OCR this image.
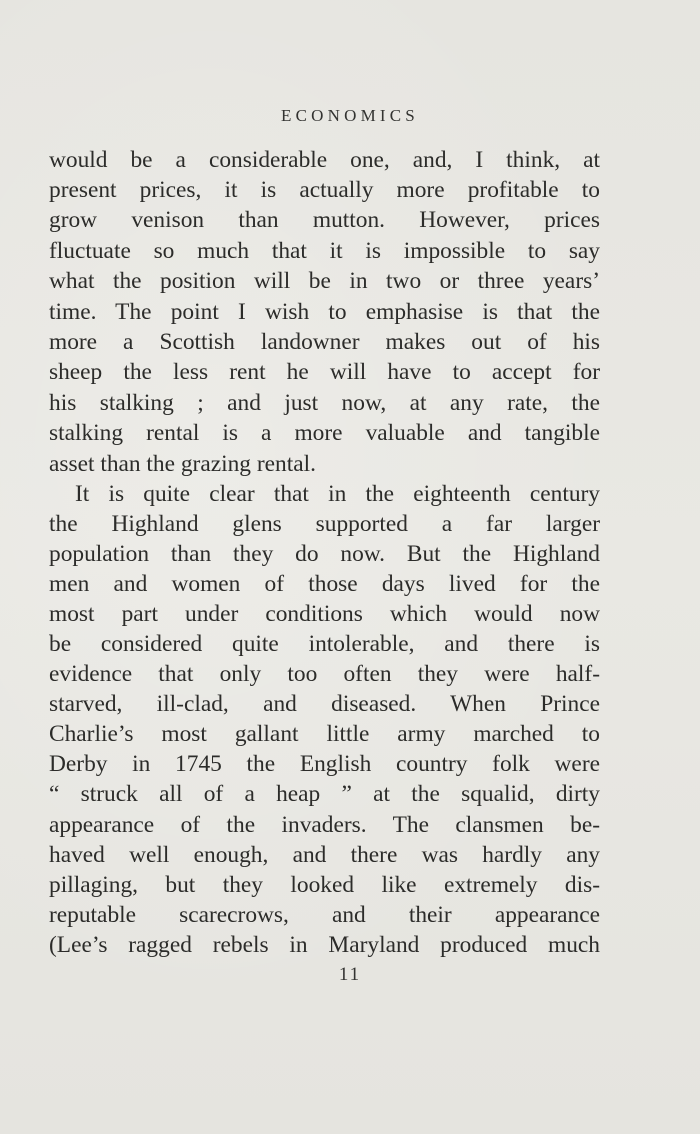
ECONOMICS
would be a considerable one, and, I think, at
present prices, it is actually more profitable to
grow venison than mutton. However, prices
fluctuate so much that it is impossible to say
what the position will be in two or three years’
time. The point I wish to emphasise is that the
more a Scottish landowner makes out of his
sheep the less rent he will have to accept for
his stalking ; and just now, at any rate, the
stalking rental is a more valuable and tangible
asset than the grazing rental.
It is quite clear that in the eighteenth century
the Highland glens supported a far larger
population than they do now. But the Highland
men and women of those days lived for the
most part under conditions which would now
be considered quite intolerable, and there is
evidence that only too often they were half-
starved, ill-clad, and diseased. When Prince
Charlie’s most gallant little army marched to
Derby in 1745 the English country folk were
“ struck all of a heap ” at the squalid, dirty
appearance of the invaders. The clansmen be-
haved well enough, and there was hardly any
pillaging, but they looked like extremely dis-
reputable scarecrows, and their appearance
(Lee’s ragged rebels in Maryland produced much
11
